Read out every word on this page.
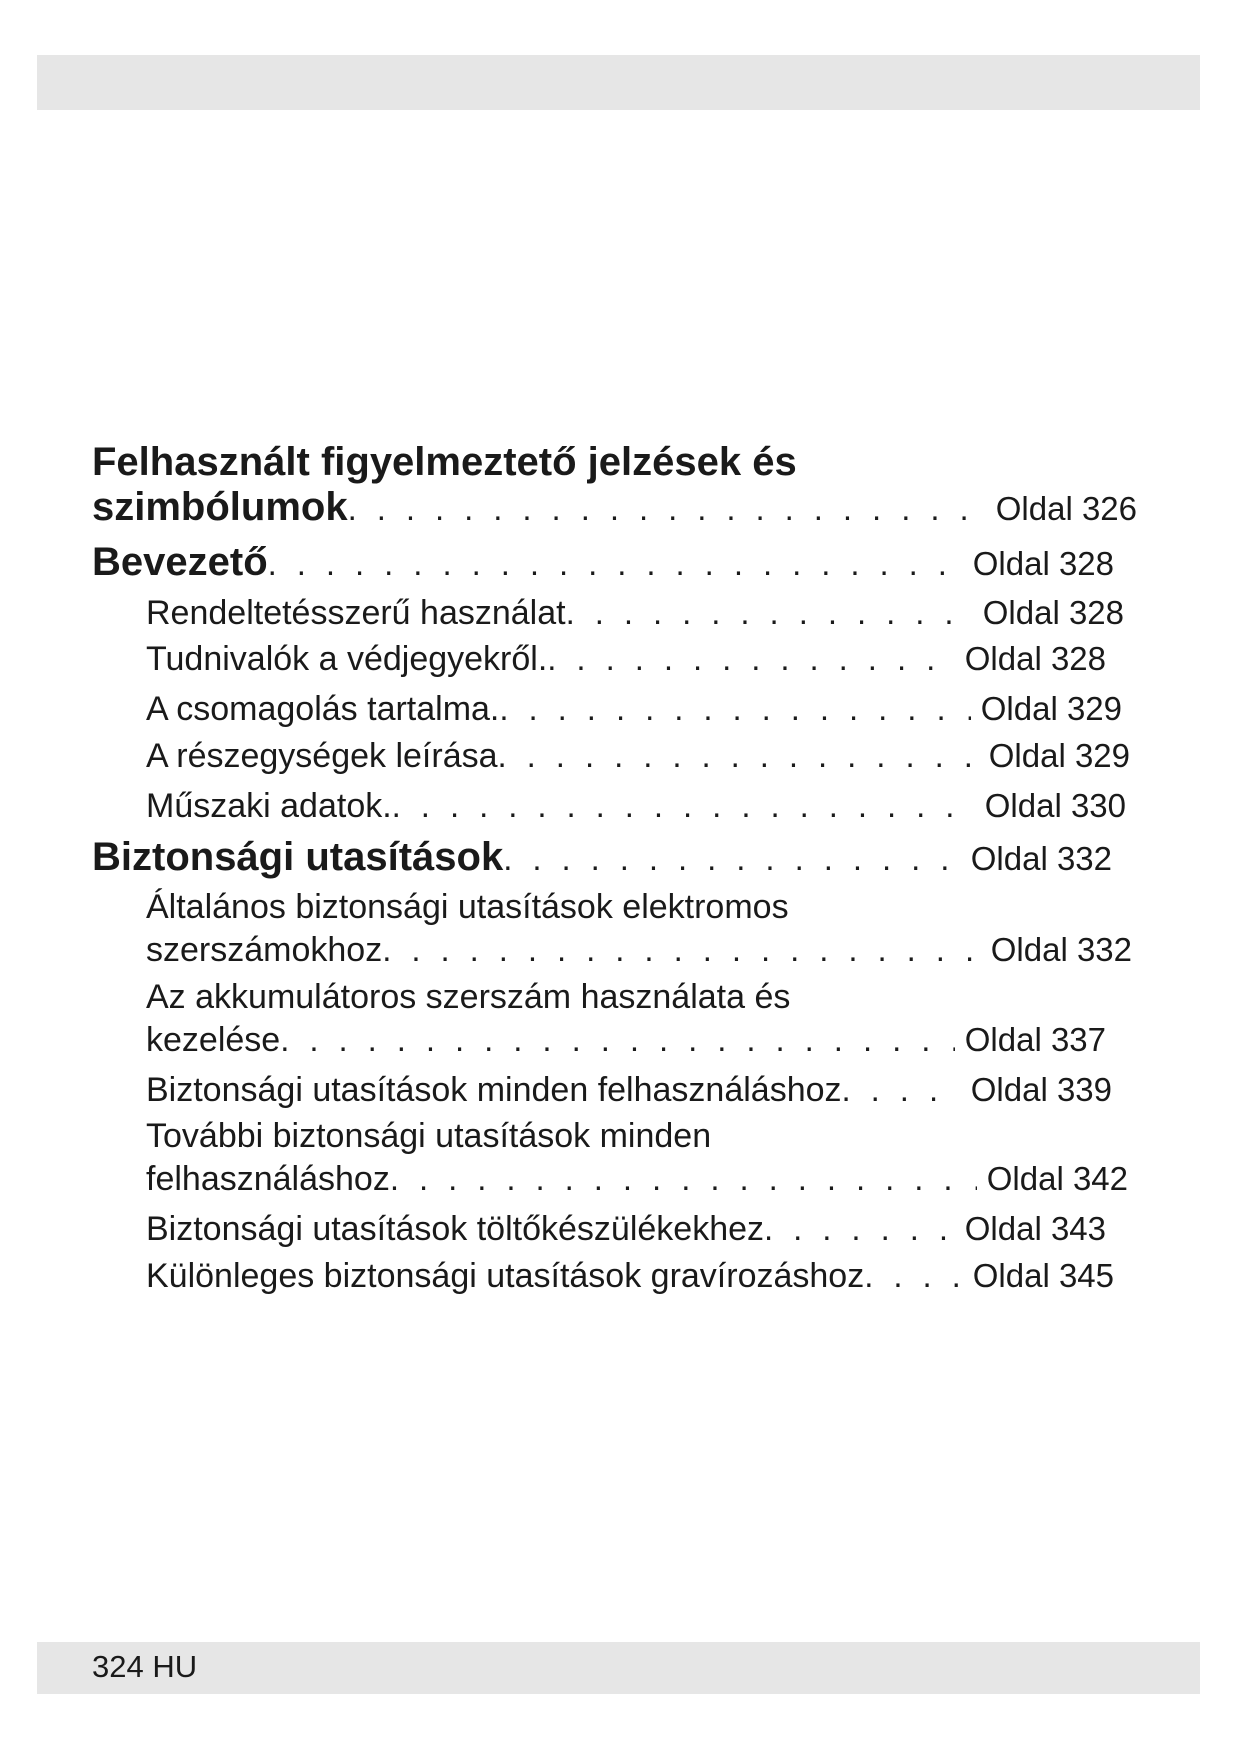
Felhasznált figyelmeztető jelzések és
szimbólumok . . .	Oldal 326
Bevezető . . .	Oldal 328
Rendeltetésszerű használat . . .	Oldal 328
Tudnivalók a védjegyekről. . . .	Oldal 328
A csomagolás tartalma. . . .	Oldal 329
A részegységek leírása . . .	Oldal 329
Műszaki adatok. . . .	Oldal 330
Biztonsági utasítások . . .	Oldal 332
Általános biztonsági utasítások elektromos
szerszámokhoz . . .	Oldal 332
Az akkumulátoros szerszám használata és
kezelése . . .	Oldal 337
Biztonsági utasítások minden felhasználáshoz . . .	Oldal 339
További biztonsági utasítások minden
felhasználáshoz . . .	Oldal 342
Biztonsági utasítások töltőkészülékekhez . . .	Oldal 343
Különleges biztonsági utasítások gravírozáshoz . . .	Oldal 345
324 HU
